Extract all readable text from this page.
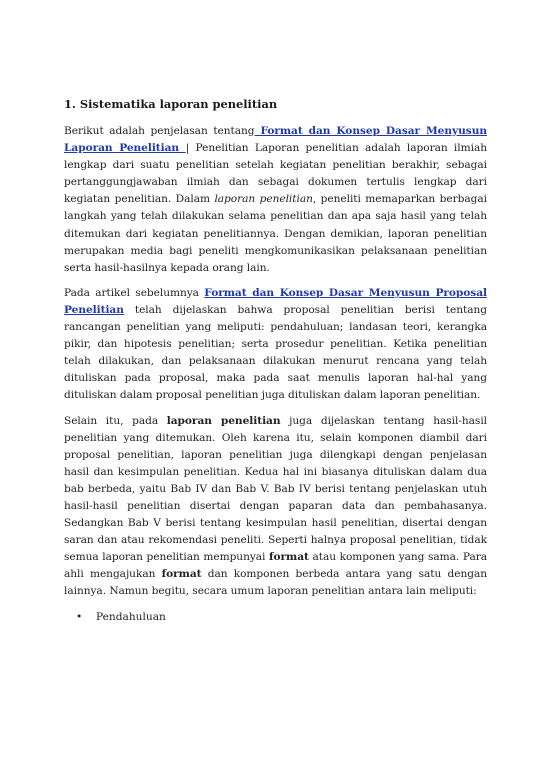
1. Sistematika laporan penelitian

Berikut adalah penjelasan tentang Format dan Konsep Dasar Menyusun Laporan Penelitian | Penelitian Laporan penelitian adalah laporan ilmiah lengkap dari suatu penelitian setelah kegiatan penelitian berakhir, sebagai pertanggungjawaban ilmiah dan sebagai dokumen tertulis lengkap dari kegiatan penelitian. Dalam laporan penelitian, peneliti memaparkan berbagai langkah yang telah dilakukan selama penelitian dan apa saja hasil yang telah ditemukan dari kegiatan penelitiannya. Dengan demikian, laporan penelitian merupakan media bagi peneliti mengkomunikasikan pelaksanaan penelitian serta hasil-hasilnya kepada orang lain.

Pada artikel sebelumnya Format dan Konsep Dasar Menyusun Proposal Penelitian telah dijelaskan bahwa proposal penelitian berisi tentang rancangan penelitian yang meliputi: pendahuluan; landasan teori, kerangka pikir, dan hipotesis penelitian; serta prosedur penelitian. Ketika penelitian telah dilakukan, dan pelaksanaan dilakukan menurut rencana yang telah dituliskan pada proposal, maka pada saat menulis laporan hal-hal yang dituliskan dalam proposal penelitian juga dituliskan dalam laporan penelitian.

Selain itu, pada laporan penelitian juga dijelaskan tentang hasil-hasil penelitian yang ditemukan. Oleh karena itu, selain komponen diambil dari proposal penelitian, laporan penelitian juga dilengkapi dengan penjelasan hasil dan kesimpulan penelitian. Kedua hal ini biasanya dituliskan dalam dua bab berbeda, yaitu Bab IV dan Bab V. Bab IV berisi tentang penjelaskan utuh hasil-hasil penelitian disertai dengan paparan data dan pembahasanya. Sedangkan Bab V berisi tentang kesimpulan hasil penelitian, disertai dengan saran dan atau rekomendasi peneliti. Seperti halnya proposal penelitian, tidak semua laporan penelitian mempunyai format atau komponen yang sama. Para ahli mengajukan format dan komponen berbeda antara yang satu dengan lainnya. Namun begitu, secara umum laporan penelitian antara lain meliputi:

• Pendahuluan
